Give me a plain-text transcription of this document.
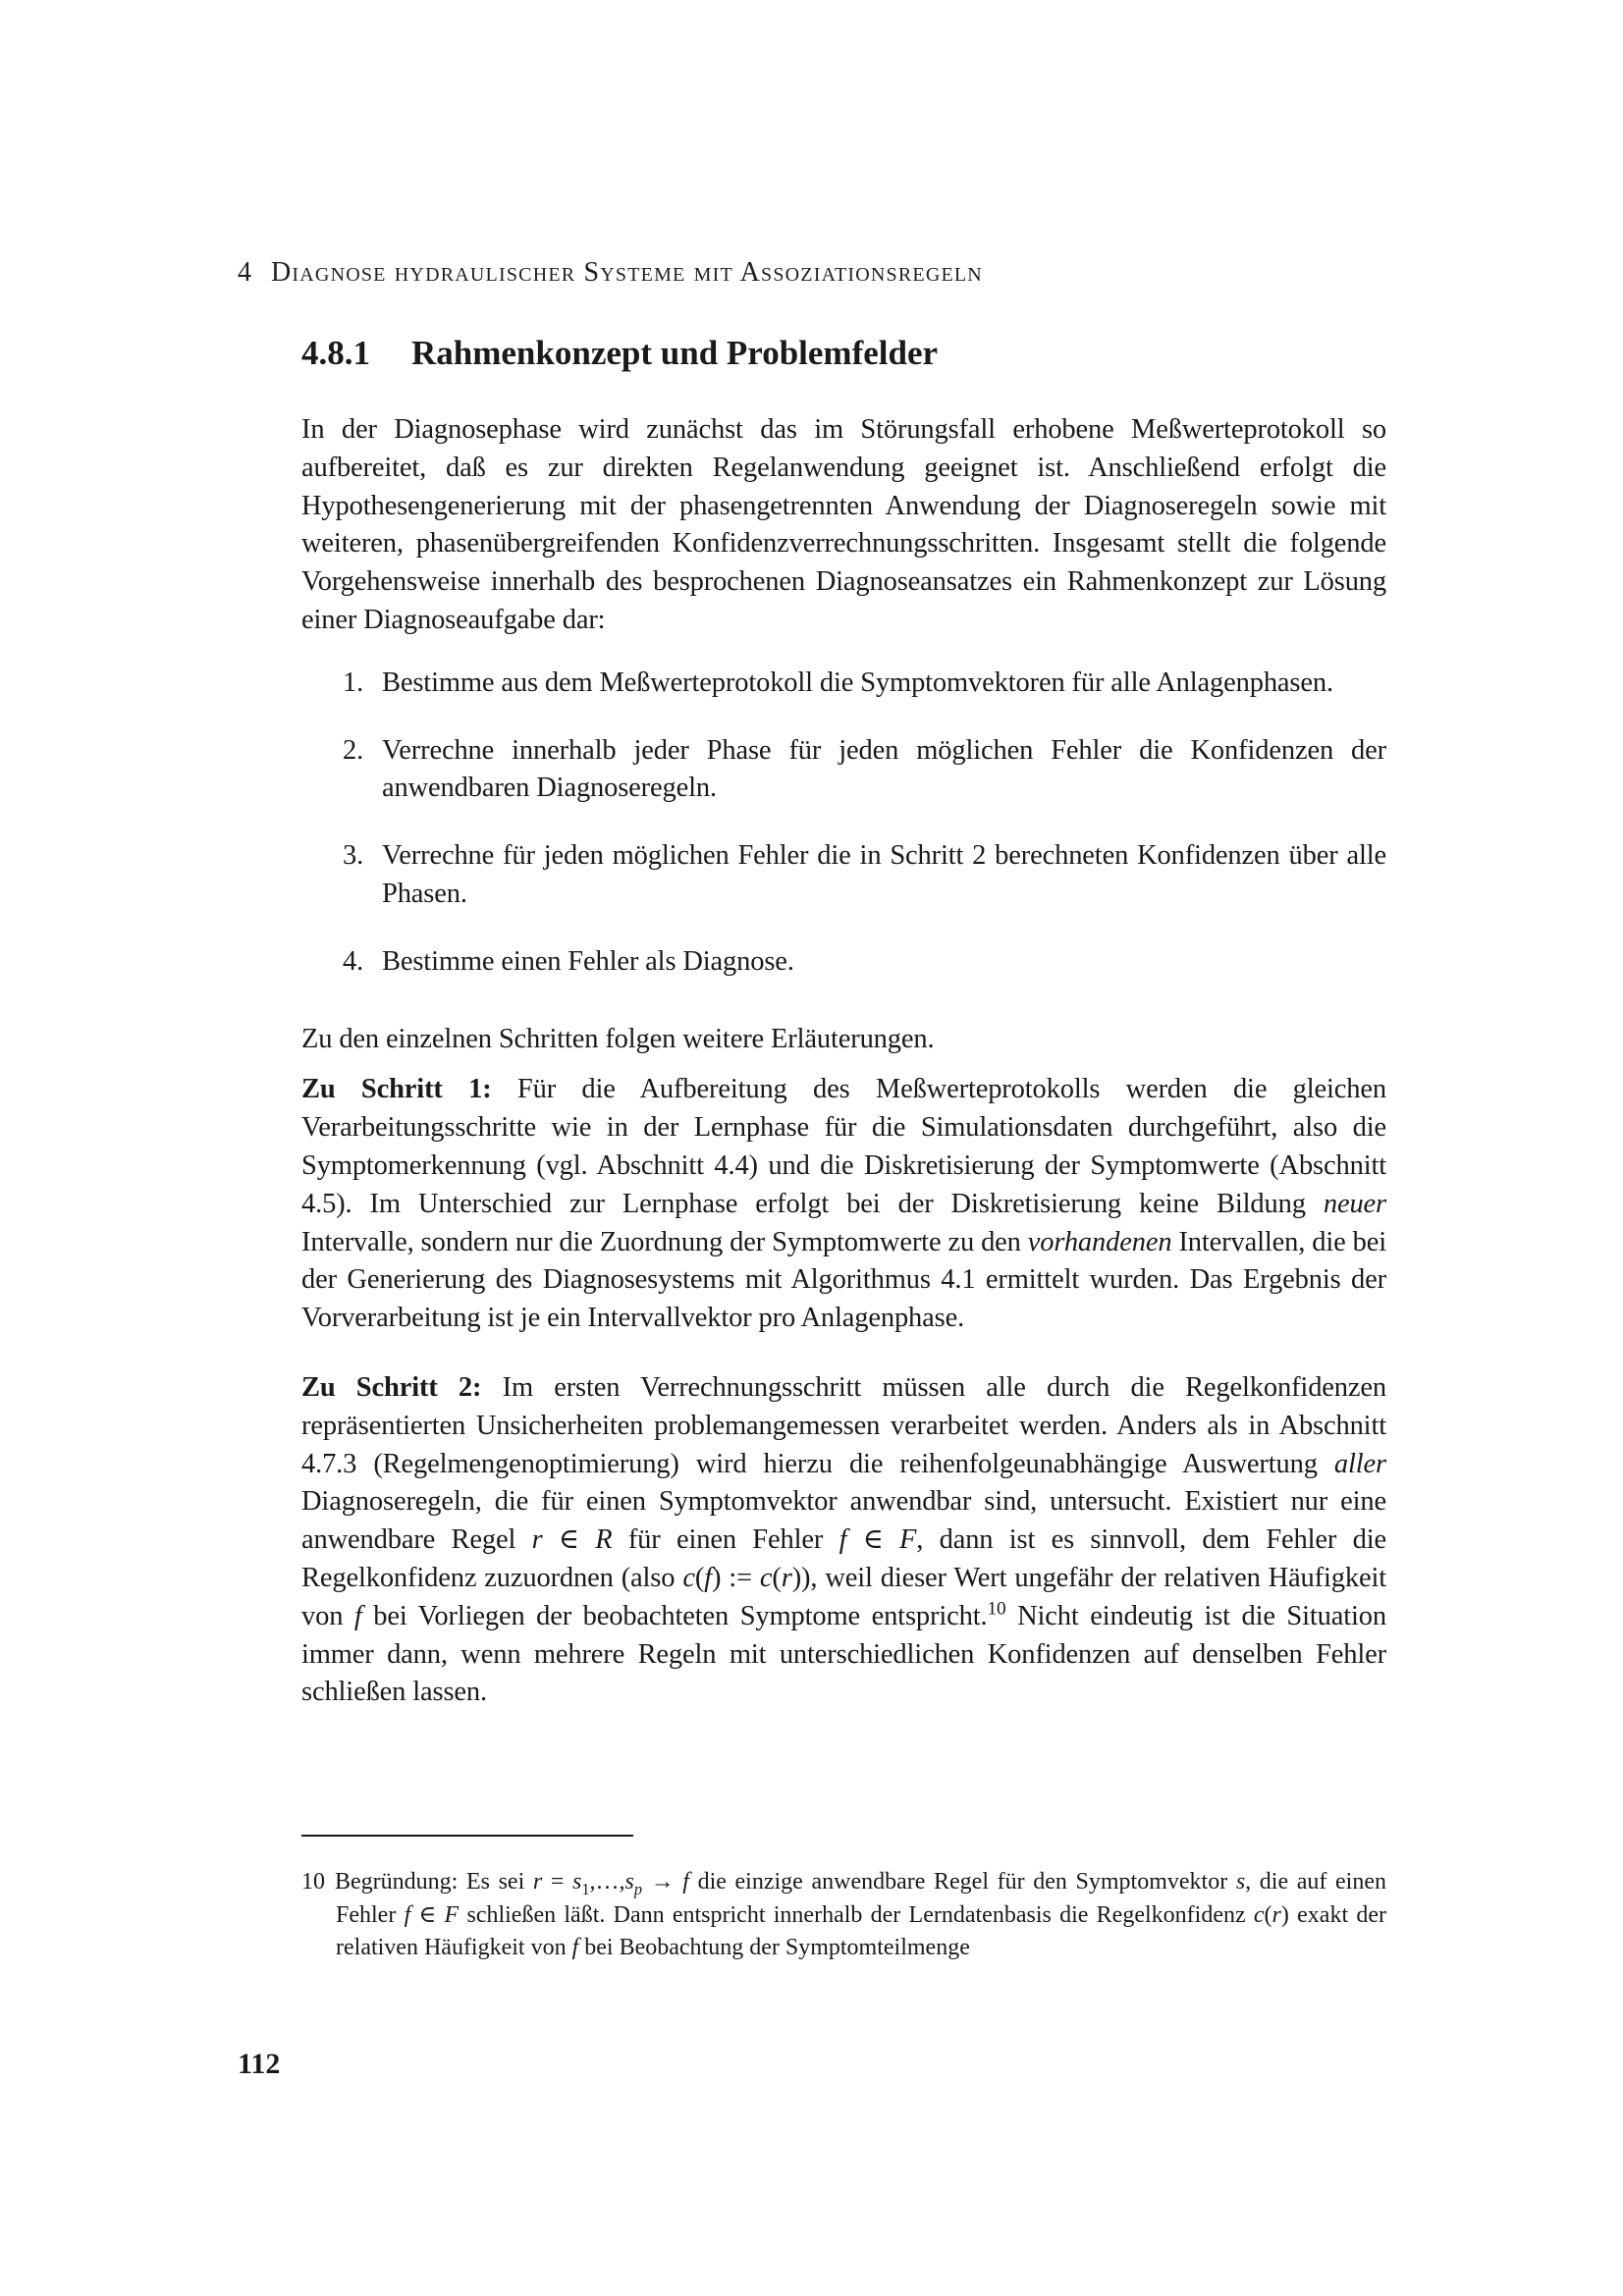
4 Diagnose hydraulischer Systeme mit Assoziationsregeln
4.8.1 Rahmenkonzept und Problemfelder

In der Diagnosephase wird zunächst das im Störungsfall erhobene Meßwerteprotokoll so aufbereitet, daß es zur direkten Regelanwendung geeignet ist. Anschließend erfolgt die Hypothesengenerierung mit der phasengetrennten Anwendung der Diagnoseregeln sowie mit weiteren, phasenübergreifenden Konfidenzverrechnungsschritten. Insgesamt stellt die folgende Vorgehensweise innerhalb des besprochenen Diagnoseansatzes ein Rahmenkonzept zur Lösung einer Diagnoseaufgabe dar:

1. Bestimme aus dem Meßwerteprotokoll die Symptomvektoren für alle Anlagenphasen.
2. Verrechne innerhalb jeder Phase für jeden möglichen Fehler die Konfidenzen der anwendbaren Diagnoseregeln.
3. Verrechne für jeden möglichen Fehler die in Schritt 2 berechneten Konfidenzen über alle Phasen.
4. Bestimme einen Fehler als Diagnose.

Zu den einzelnen Schritten folgen weitere Erläuterungen.

Zu Schritt 1: Für die Aufbereitung des Meßwerteprotokolls werden die gleichen Verarbeitungsschritte wie in der Lernphase für die Simulationsdaten durchgeführt, also die Symptomerkennung (vgl. Abschnitt 4.4) und die Diskretisierung der Symptomwerte (Abschnitt 4.5). Im Unterschied zur Lernphase erfolgt bei der Diskretisierung keine Bildung neuer Intervalle, sondern nur die Zuordnung der Symptomwerte zu den vorhandenen Intervallen, die bei der Generierung des Diagnosesystems mit Algorithmus 4.1 ermittelt wurden. Das Ergebnis der Vorverarbeitung ist je ein Intervallvektor pro Anlagenphase.

Zu Schritt 2: Im ersten Verrechnungsschritt müssen alle durch die Regelkonfidenzen repräsentierten Unsicherheiten problemangemessen verarbeitet werden. Anders als in Abschnitt 4.7.3 (Regelmengenoptimierung) wird hierzu die reihenfolgeunabhängige Auswertung aller Diagnoseregeln, die für einen Symptomvektor anwendbar sind, untersucht. Existiert nur eine anwendbare Regel r ∈ R für einen Fehler f ∈ F, dann ist es sinnvoll, dem Fehler die Regelkonfidenz zuzuordnen (also c(f) := c(r)), weil dieser Wert ungefähr der relativen Häufigkeit von f bei Vorliegen der beobachteten Symptome entspricht.$^{10}$ Nicht eindeutig ist die Situation immer dann, wenn mehrere Regeln mit unterschiedlichen Konfidenzen auf denselben Fehler schließen lassen.

10 Begründung: Es sei $r = s_1,\dots,s_p \to f$ die einzige anwendbare Regel für den Symptomvektor s, die auf einen Fehler f ∈ F schließen läßt. Dann entspricht innerhalb der Lerndatenbasis die Regelkonfidenz c(r) exakt der relativen Häufigkeit von f bei Beobachtung der Symptomteilmenge

112
